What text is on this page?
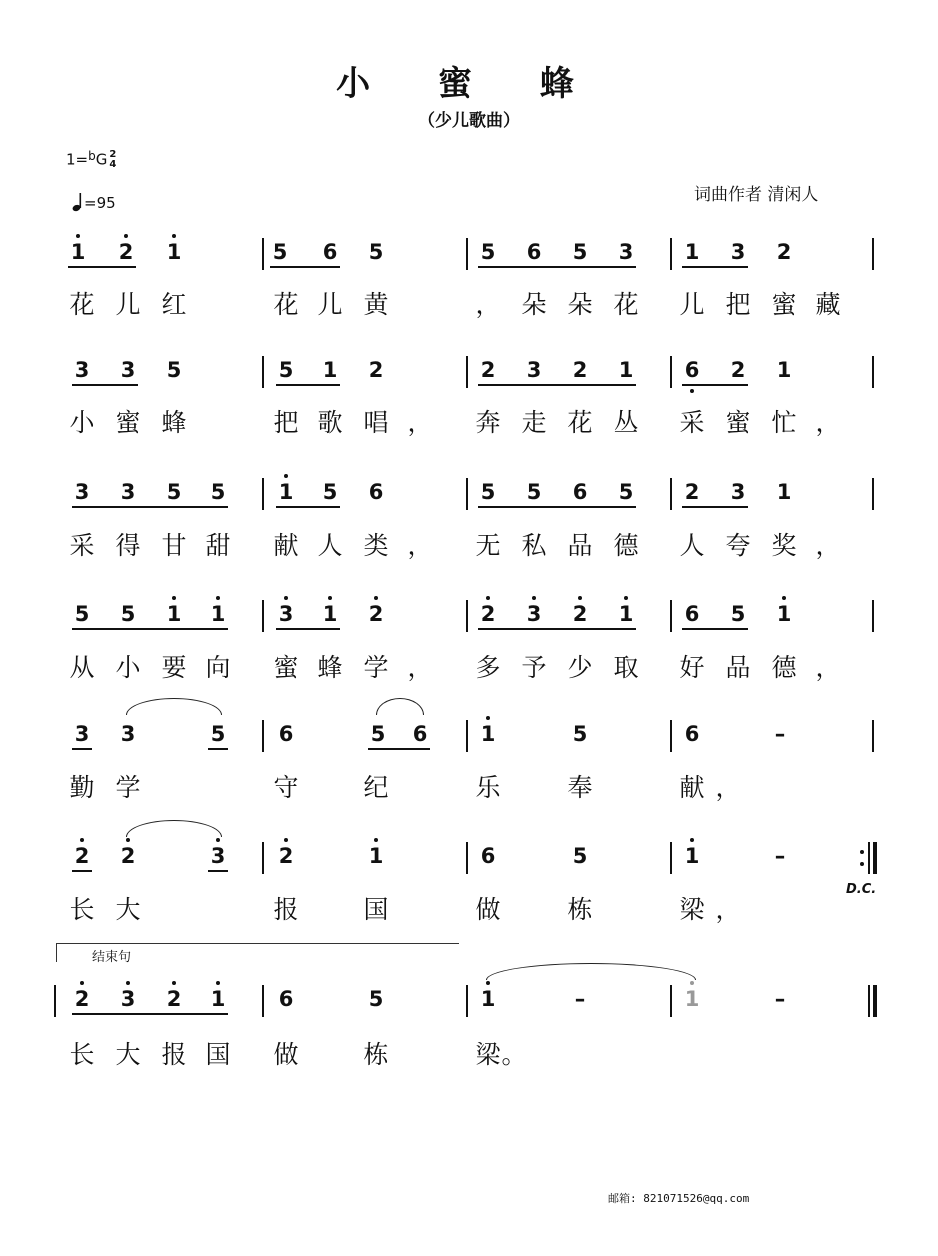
小 蜜 蜂
（少儿歌曲）
1=$^b$G 2
4
=95	词曲作者 清闲人
D.C.
结束句
邮箱: 821071526@qq.com
1 2 1	5 6 5	5 6 5 3 1 3 2
花 儿 红	花 儿 黄	， 朵 朵 花 儿 把 蜜 藏
3 3 5	5 1 2	2 3 2 1 6 2 1
小 蜜 蜂	把 歌 唱 ， 奔 走 花 丛 采 蜜 忙 ，
3 3 5 5	1 5 6	5 5 6 5 2 3 1
采 得 甘 甜 献 人 类 ， 无 私 品 德 人 夸 奖 ，
5 5 1 1	3 1 2	2 3 2 1 6 5 1
从 小 要 向 蜜 蜂 学 ， 多 予 少 取 好 品 德 ，
3 3	5	6	5 6	1	5	6	–
勤 学	守	纪	乐	奉	献 ，
2 2	3	2	1	6	5	1	–
长 大	报	国	做	栋	梁 ，
2 3 2 1	6	5	1	–	1	–
长 大 报 国 做	栋	梁 。
